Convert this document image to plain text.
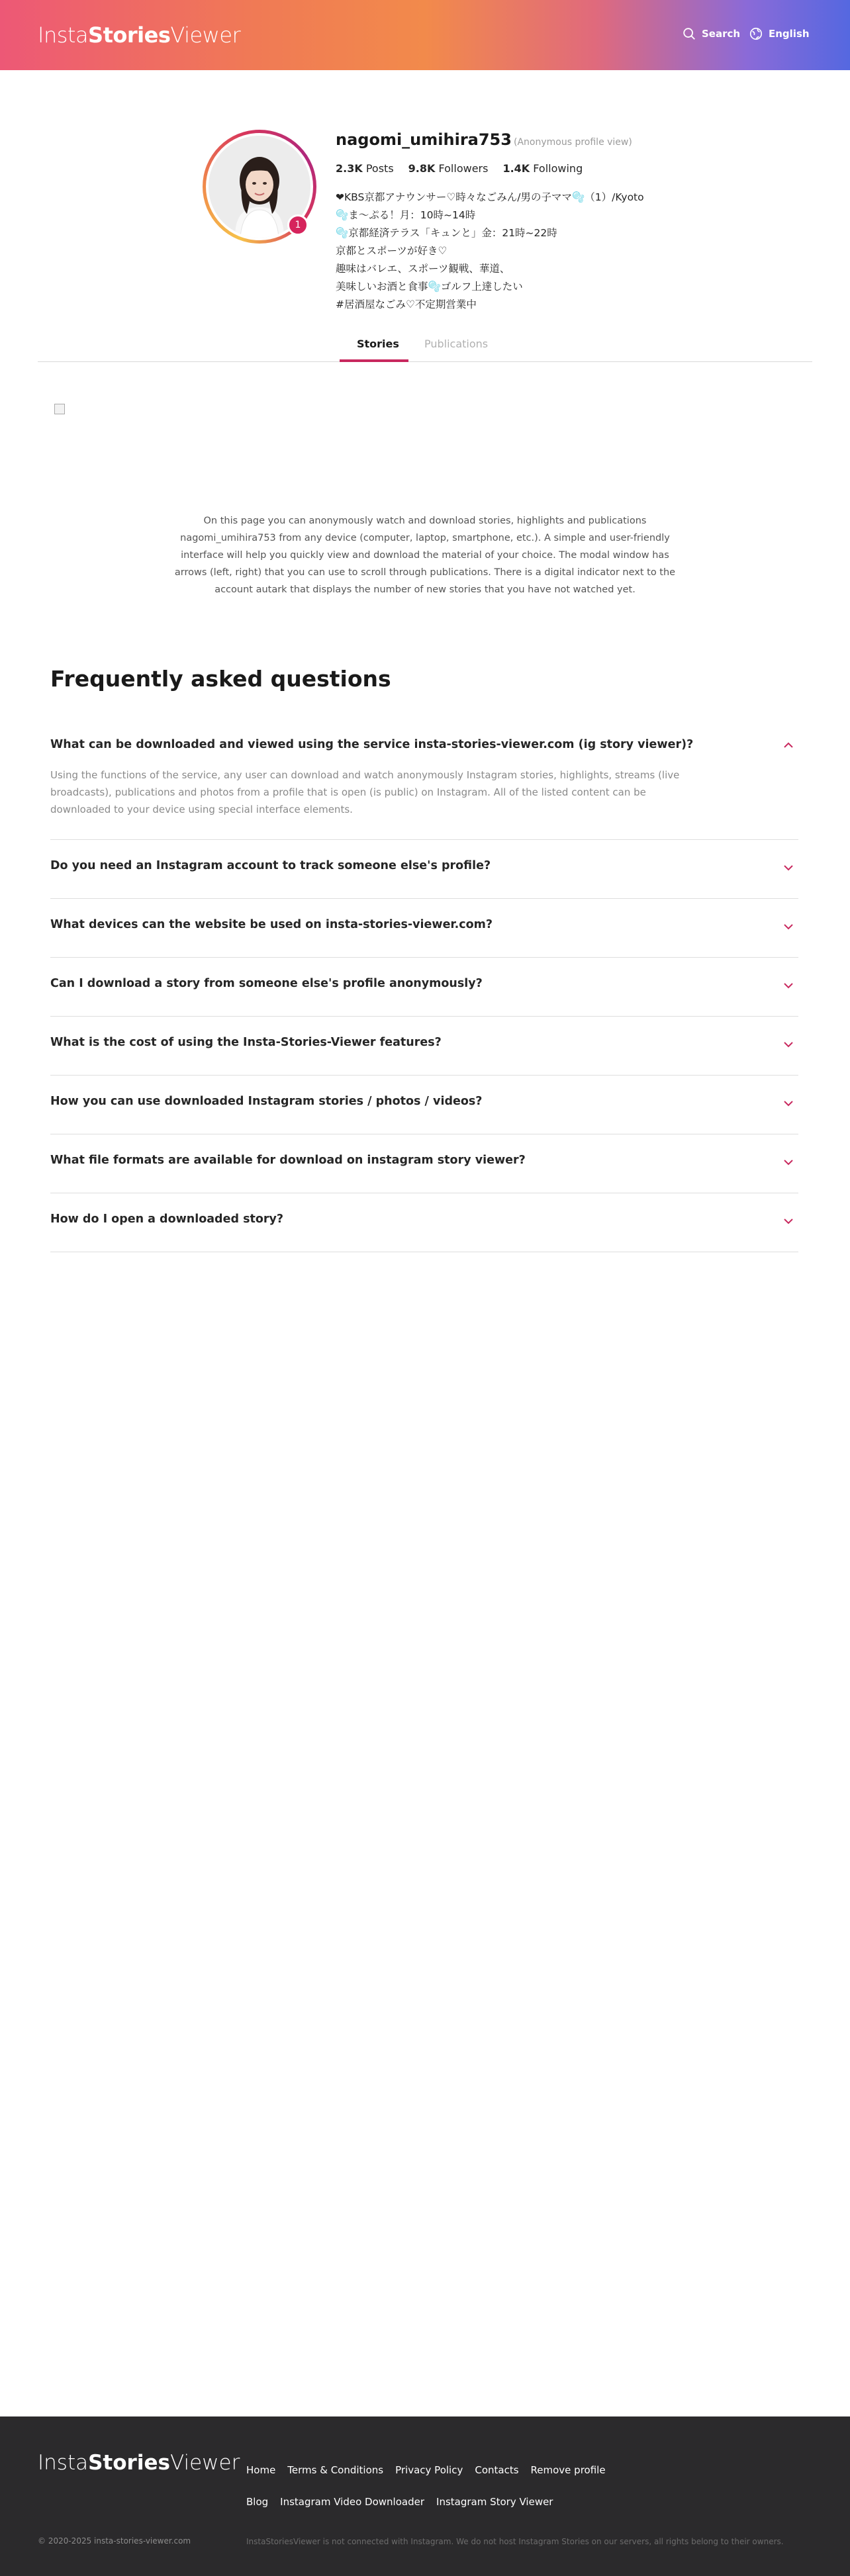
InstaStoriesViewer	Search	English
1
nagomi_umihira753 (Anonymous profile view)
2.3K Posts 9.8K Followers 1.4K Following
❤KBS京都アナウンサー♡時々なごみん/男の子ママ🫧（1）/Kyoto
🫧ま〜ぷる！月：10時~14時
🫧京都経済テラス「キュンと」金：21時~22時
京都とスポーツが好き♡
趣味はバレエ、スポーツ観戦、華道、
美味しいお酒と食事🫧ゴルフ上達したい
#居酒屋なごみ♡不定期営業中
Stories Publications
On this page you can anonymously watch and download stories, highlights and publications nagomi_umihira753 from any device (computer, laptop, smartphone, etc.). A simple and user-friendly interface will help you quickly view and download the material of your choice. The modal window has arrows (left, right) that you can use to scroll through publications. There is a digital indicator next to the account autark that displays the number of new stories that you have not watched yet.
Frequently asked questions
What can be downloaded and viewed using the service insta-stories-viewer.com (ig story viewer)?
Using the functions of the service, any user can download and watch anonymously Instagram stories, highlights, streams (live broadcasts), publications and photos from a profile that is open (is public) on Instagram. All of the listed content can be downloaded to your device using special interface elements.
Do you need an Instagram account to track someone else's profile?
What devices can the website be used on insta-stories-viewer.com?
Can I download a story from someone else's profile anonymously?
What is the cost of using the Insta-Stories-Viewer features?
How you can use downloaded Instagram stories / photos / videos?
What file formats are available for download on instagram story viewer?
How do I open a downloaded story?
InstaStoriesViewer Home Terms & Conditions Privacy Policy Contacts Remove profile
Blog Instagram Video Downloader Instagram Story Viewer
© 2020-2025 insta-stories-viewer.com	InstaStoriesViewer is not connected with Instagram. We do not host Instagram Stories on our servers, all rights belong to their owners.
